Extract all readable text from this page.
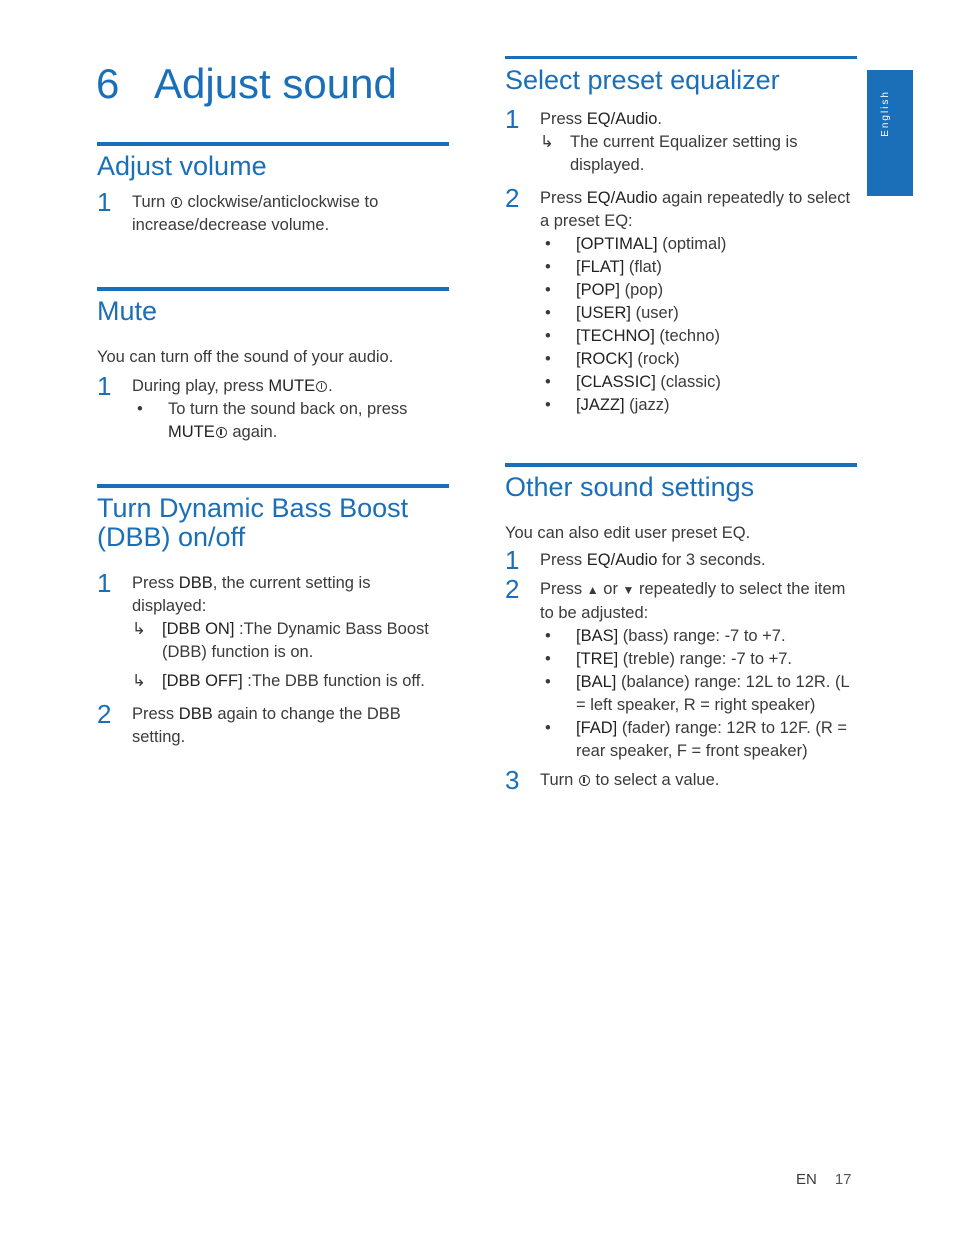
6 Adjust sound
English
Adjust volume
1 Turn clockwise/anticlockwise to increase/decrease volume.

Mute

You can turn off the sound of your audio.

1 During play, press MUTE .

• To turn the sound back on, press MUTE again.
Turn Dynamic Bass Boost (DBB) on/off
1 Press DBB, the current setting is displayed:

↳ [DBB ON] :The Dynamic Bass Boost (DBB) function is on.
↳ [DBB OFF] :The DBB function is off.
2 Press DBB again to change the DBB setting.

Select preset equalizer
1 Press EQ/Audio.

↳ The current Equalizer setting is displayed.
2 Press EQ/Audio again repeatedly to select a preset EQ:

• [OPTIMAL] (optimal)
• [FLAT] (flat)
• [POP] (pop)
• [USER] (user)
• [TECHNO] (techno)
• [ROCK] (rock)
• [CLASSIC] (classic)
• [JAZZ] (jazz)
Other sound settings

You can also edit user preset EQ.

1 Press EQ/Audio for 3 seconds.

2 Press ▲ or ▼ repeatedly to select the item to be adjusted:

• [BAS] (bass) range: -7 to +7.
• [TRE] (treble) range: -7 to +7.
• [BAL] (balance) range: 12L to 12R. (L = left speaker, R = right speaker)
• [FAD] (fader) range: 12R to 12F. (R = rear speaker, F = front speaker)
3 Turn to select a value.

EN 17
